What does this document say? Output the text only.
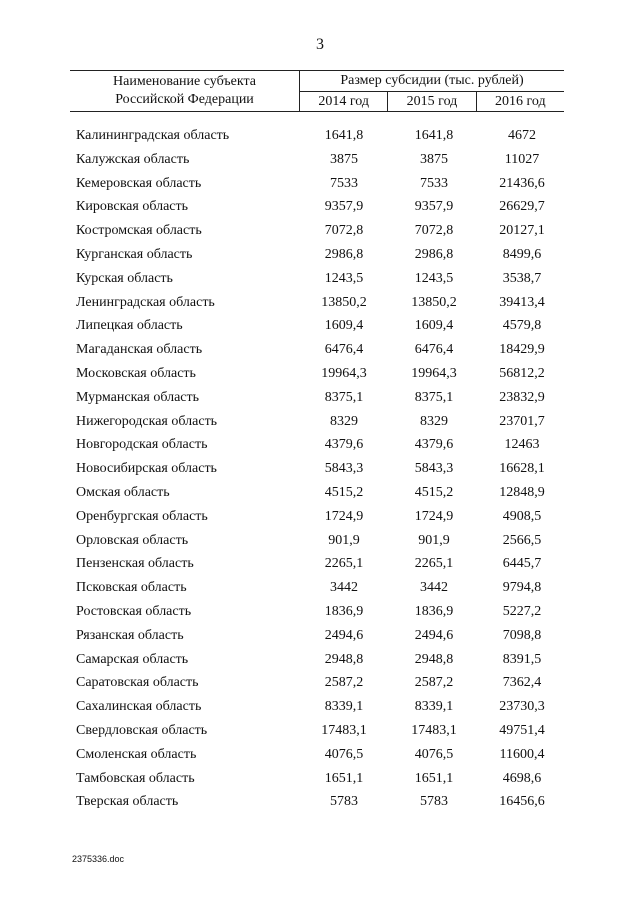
3
Наименование субъекта
Российской Федерации
Размер субсидии (тыс. рублей)
2014 год	2015 год	2016 год
Калининградская область	1641,8	1641,8	4672
Калужская область	3875	3875	11027
Кемеровская область	7533	7533	21436,6
Кировская область	9357,9	9357,9	26629,7
Костромская область	7072,8	7072,8	20127,1
Курганская область	2986,8	2986,8	8499,6
Курская область	1243,5	1243,5	3538,7
Ленинградская область	13850,2	13850,2	39413,4
Липецкая область	1609,4	1609,4	4579,8
Магаданская область	6476,4	6476,4	18429,9
Московская область	19964,3	19964,3	56812,2
Мурманская область	8375,1	8375,1	23832,9
Нижегородская область	8329	8329	23701,7
Новгородская область	4379,6	4379,6	12463
Новосибирская область	5843,3	5843,3	16628,1
Омская область	4515,2	4515,2	12848,9
Оренбургская область	1724,9	1724,9	4908,5
Орловская область	901,9	901,9	2566,5
Пензенская область	2265,1	2265,1	6445,7
Псковская область	3442	3442	9794,8
Ростовская область	1836,9	1836,9	5227,2
Рязанская область	2494,6	2494,6	7098,8
Самарская область	2948,8	2948,8	8391,5
Саратовская область	2587,2	2587,2	7362,4
Сахалинская область	8339,1	8339,1	23730,3
Свердловская область	17483,1	17483,1	49751,4
Смоленская область	4076,5	4076,5	11600,4
Тамбовская область	1651,1	1651,1	4698,6
Тверская область	5783	5783	16456,6
2375336.doc
